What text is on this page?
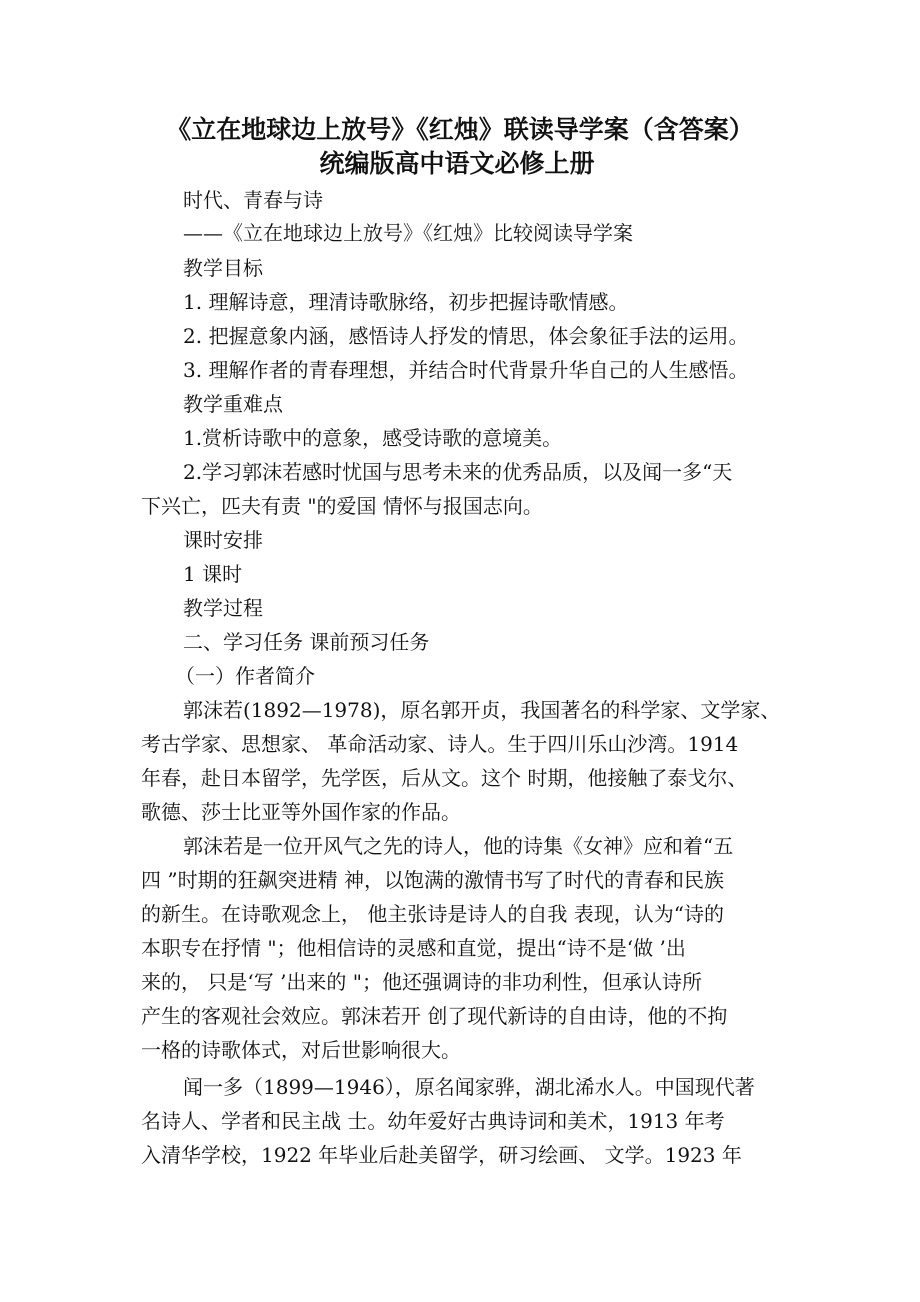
《立在地球边上放号》《红烛》联读导学案（含答案）
统编版高中语文必修上册
时代、青春与诗
——《立在地球边上放号》《红烛》比较阅读导学案
教学目标
1. 理解诗意，理清诗歌脉络，初步把握诗歌情感。
2. 把握意象内涵，感悟诗人抒发的情思，体会象征手法的运用。
3. 理解作者的青春理想，并结合时代背景升华自己的人生感悟。
教学重难点
1.赏析诗歌中的意象，感受诗歌的意境美。
2.学习郭沫若感时忧国与思考未来的优秀品质，以及闻一多“天
下兴亡，匹夫有责 "的爱国 情怀与报国志向。
课时安排
1 课时
教学过程
二、学习任务 课前预习任务
（一）作者简介
郭沫若(1892—1978)，原名郭开贞，我国著名的科学家、文学家、
考古学家、思想家、 革命活动家、诗人。生于四川乐山沙湾。1914
年春，赴日本留学，先学医，后从文。这个 时期，他接触了泰戈尔、
歌德、莎士比亚等外国作家的作品。
郭沫若是一位开风气之先的诗人，他的诗集《女神》应和着“五
四 ”时期的狂飙突进精 神，以饱满的激情书写了时代的青春和民族
的新生。在诗歌观念上， 他主张诗是诗人的自我 表现，认为“诗的
本职专在抒情 "；他相信诗的灵感和直觉，提出“诗不是‘做 ’出
来的， 只是‘写 ’出来的 "；他还强调诗的非功利性，但承认诗所
产生的客观社会效应。郭沫若开 创了现代新诗的自由诗，他的不拘
一格的诗歌体式，对后世影响很大。
闻一多（1899—1946），原名闻家骅，湖北浠水人。中国现代著
名诗人、学者和民主战 士。幼年爱好古典诗词和美术，1913 年考
入清华学校，1922 年毕业后赴美留学，研习绘画、 文学。1923 年
